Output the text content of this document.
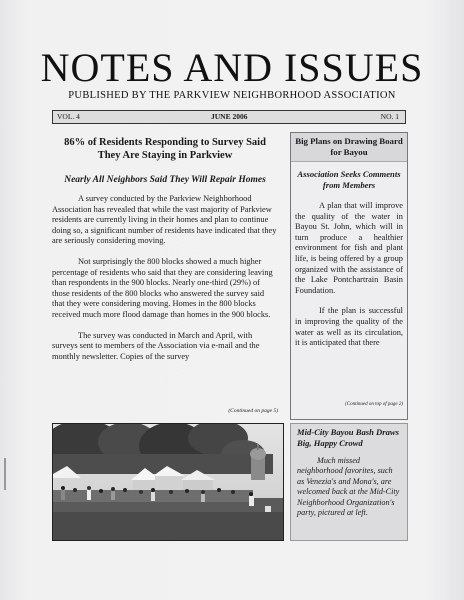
NOTES AND ISSUES
PUBLISHED BY THE PARKVIEW NEIGHBORHOOD ASSOCIATION
VOL. 4	JUNE 2006	NO. 1

86% of Residents Responding to Survey Said
They Are Staying in Parkview

Nearly All Neighbors Said They Will Repair Homes

A survey conducted by the Parkview Neighborhood Association has revealed that while the vast majority of Parkview residents are currently living in their homes and plan to continue doing so, a significant number of residents have indicated that they are seriously considering moving.

Not surprisingly the 800 blocks showed a much higher percentage of residents who said that they are considering leaving than respondents in the 900 blocks. Nearly one-third (29%) of those residents of the 800 blocks who answered the survey said that they were considering moving. Homes in the 800 blocks received much more flood damage than homes in the 900 blocks.

The survey was conducted in March and April, with surveys sent to members of the Association via e-mail and the monthly newsletter. Copies of the survey

(Continued on page 5)
Big Plans on Drawing Board for Bayou
Association Seeks Comments from Members

A plan that will improve the quality of the water in Bayou St. John, which will in turn produce a healthier environment for fish and plant life, is being offered by a group organized with the assistance of the Lake Pontchartrain Basin Foundation.

If the plan is successful in improving the quality of the water as well as its circulation, it is anticipated that there

(Continued on top of page 2)
Mid-City Bayou Bash Draws Big, Happy Crowd

Much missed neighborhood favorites, such as Venezia's and Mona's, are welcomed back at the Mid-City Neighborhood Organization's party, pictured at left.
